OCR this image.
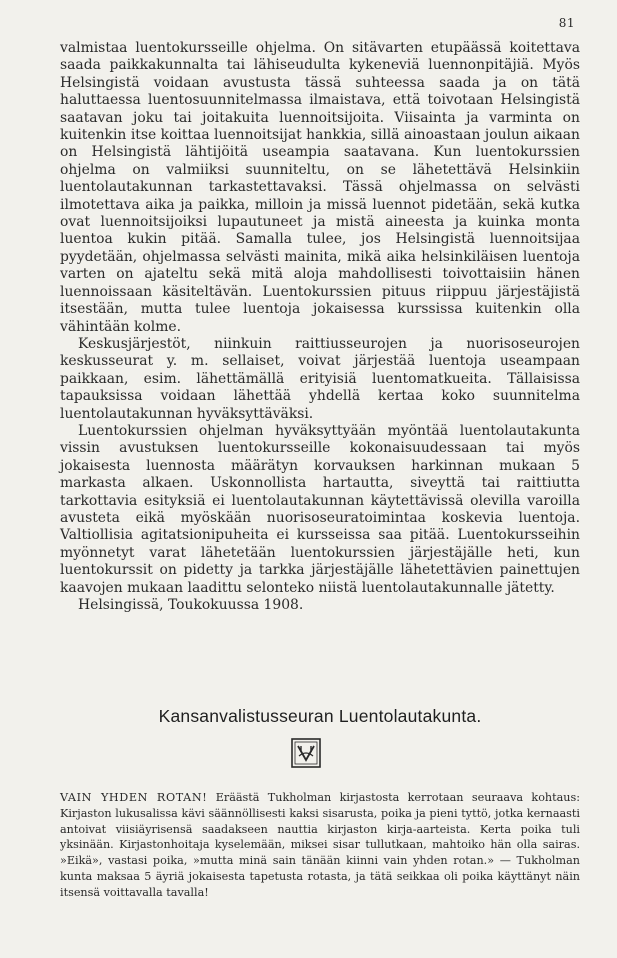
81

valmistaa luentokursseille ohjelma. On sitävarten etupäässä koitettava saada paikkakunnalta tai lähiseudulta kykeneviä luennonpitäjiä. Myös Helsingistä voidaan avustusta tässä suhteessa saada ja on tätä haluttaessa luentosuunnitelmassa ilmaistava, että toivotaan Helsingistä saatavan joku tai joitakuita luennoitsijoita. Viisainta ja varminta on kuitenkin itse koittaa luennoitsijat hankkia, sillä ainoastaan joulun aikaan on Helsingistä lähtijöitä useampia saatavana. Kun luentokurssien ohjelma on valmiiksi suunniteltu, on se lähetettävä Helsinkiin luentolautakunnan tarkastettavaksi. Tässä ohjelmassa on selvästi ilmotettava aika ja paikka, milloin ja missä luennot pidetään, sekä kutka ovat luennoitsijoiksi lupautuneet ja mistä aineesta ja kuinka monta luentoa kukin pitää. Samalla tulee, jos Helsingistä luennoitsijaa pyydetään, ohjelmassa selvästi mainita, mikä aika helsinkiläisen luentoja varten on ajateltu sekä mitä aloja mahdollisesti toivottaisiin hänen luennoissaan käsiteltävän. Luentokurssien pituus riippuu järjestäjistä itsestään, mutta tulee luentoja jokaisessa kurssissa kuitenkin olla vähintään kolme.

Keskusjärjestöt, niinkuin raittiusseurojen ja nuorisoseurojen keskusseurat y. m. sellaiset, voivat järjestää luentoja useampaan paikkaan, esim. lähettämällä erityisiä luentomatkueita. Tällaisissa tapauksissa voidaan lähettää yhdellä kertaa koko suunnitelma luentolautakunnan hyväksyttäväksi.

Luentokurssien ohjelman hyväksyttyään myöntää luentolautakunta vissin avustuksen luentokursseille kokonaisuudessaan tai myös jokaisesta luennosta määrätyn korvauksen harkinnan mukaan 5 markasta alkaen. Uskonnollista hartautta, siveyttä tai raittiutta tarkottavia esityksiä ei luentolautakunnan käytettävissä olevilla varoilla avusteta eikä myöskään nuorisoseuratoimintaa koskevia luentoja. Valtiollisia agitatsionipuheita ei kursseissa saa pitää. Luentokursseihin myönnetyt varat lähetetään luentokurssien järjestäjälle heti, kun luentokurssit on pidetty ja tarkka järjestäjälle lähetettävien painettujen kaavojen mukaan laadittu selonteko niistä luentolautakunnalle jätetty.

Helsingissä, Toukokuussa 1908.

Kansanvalistusseuran Luentolautakunta.
VAIN YHDEN ROTAN! Eräästä Tukholman kirjastosta kerrotaan seuraava kohtaus: Kirjaston lukusalissa kävi säännöllisesti kaksi sisarusta, poika ja pieni tyttö, jotka kernaasti antoivat viisiäyrisensä saadakseen nauttia kirjaston kirja-aarteista. Kerta poika tuli yksinään. Kirjastonhoitaja kyselemään, miksei sisar tullutkaan, mahtoiko hän olla sairas. »Eikä», vastasi poika, »mutta minä sain tänään kiinni vain yhden rotan.» — Tukholman kunta maksaa 5 äyriä jokaisesta tapetusta rotasta, ja tätä seikkaa oli poika käyttänyt näin itsensä voittavalla tavalla!
